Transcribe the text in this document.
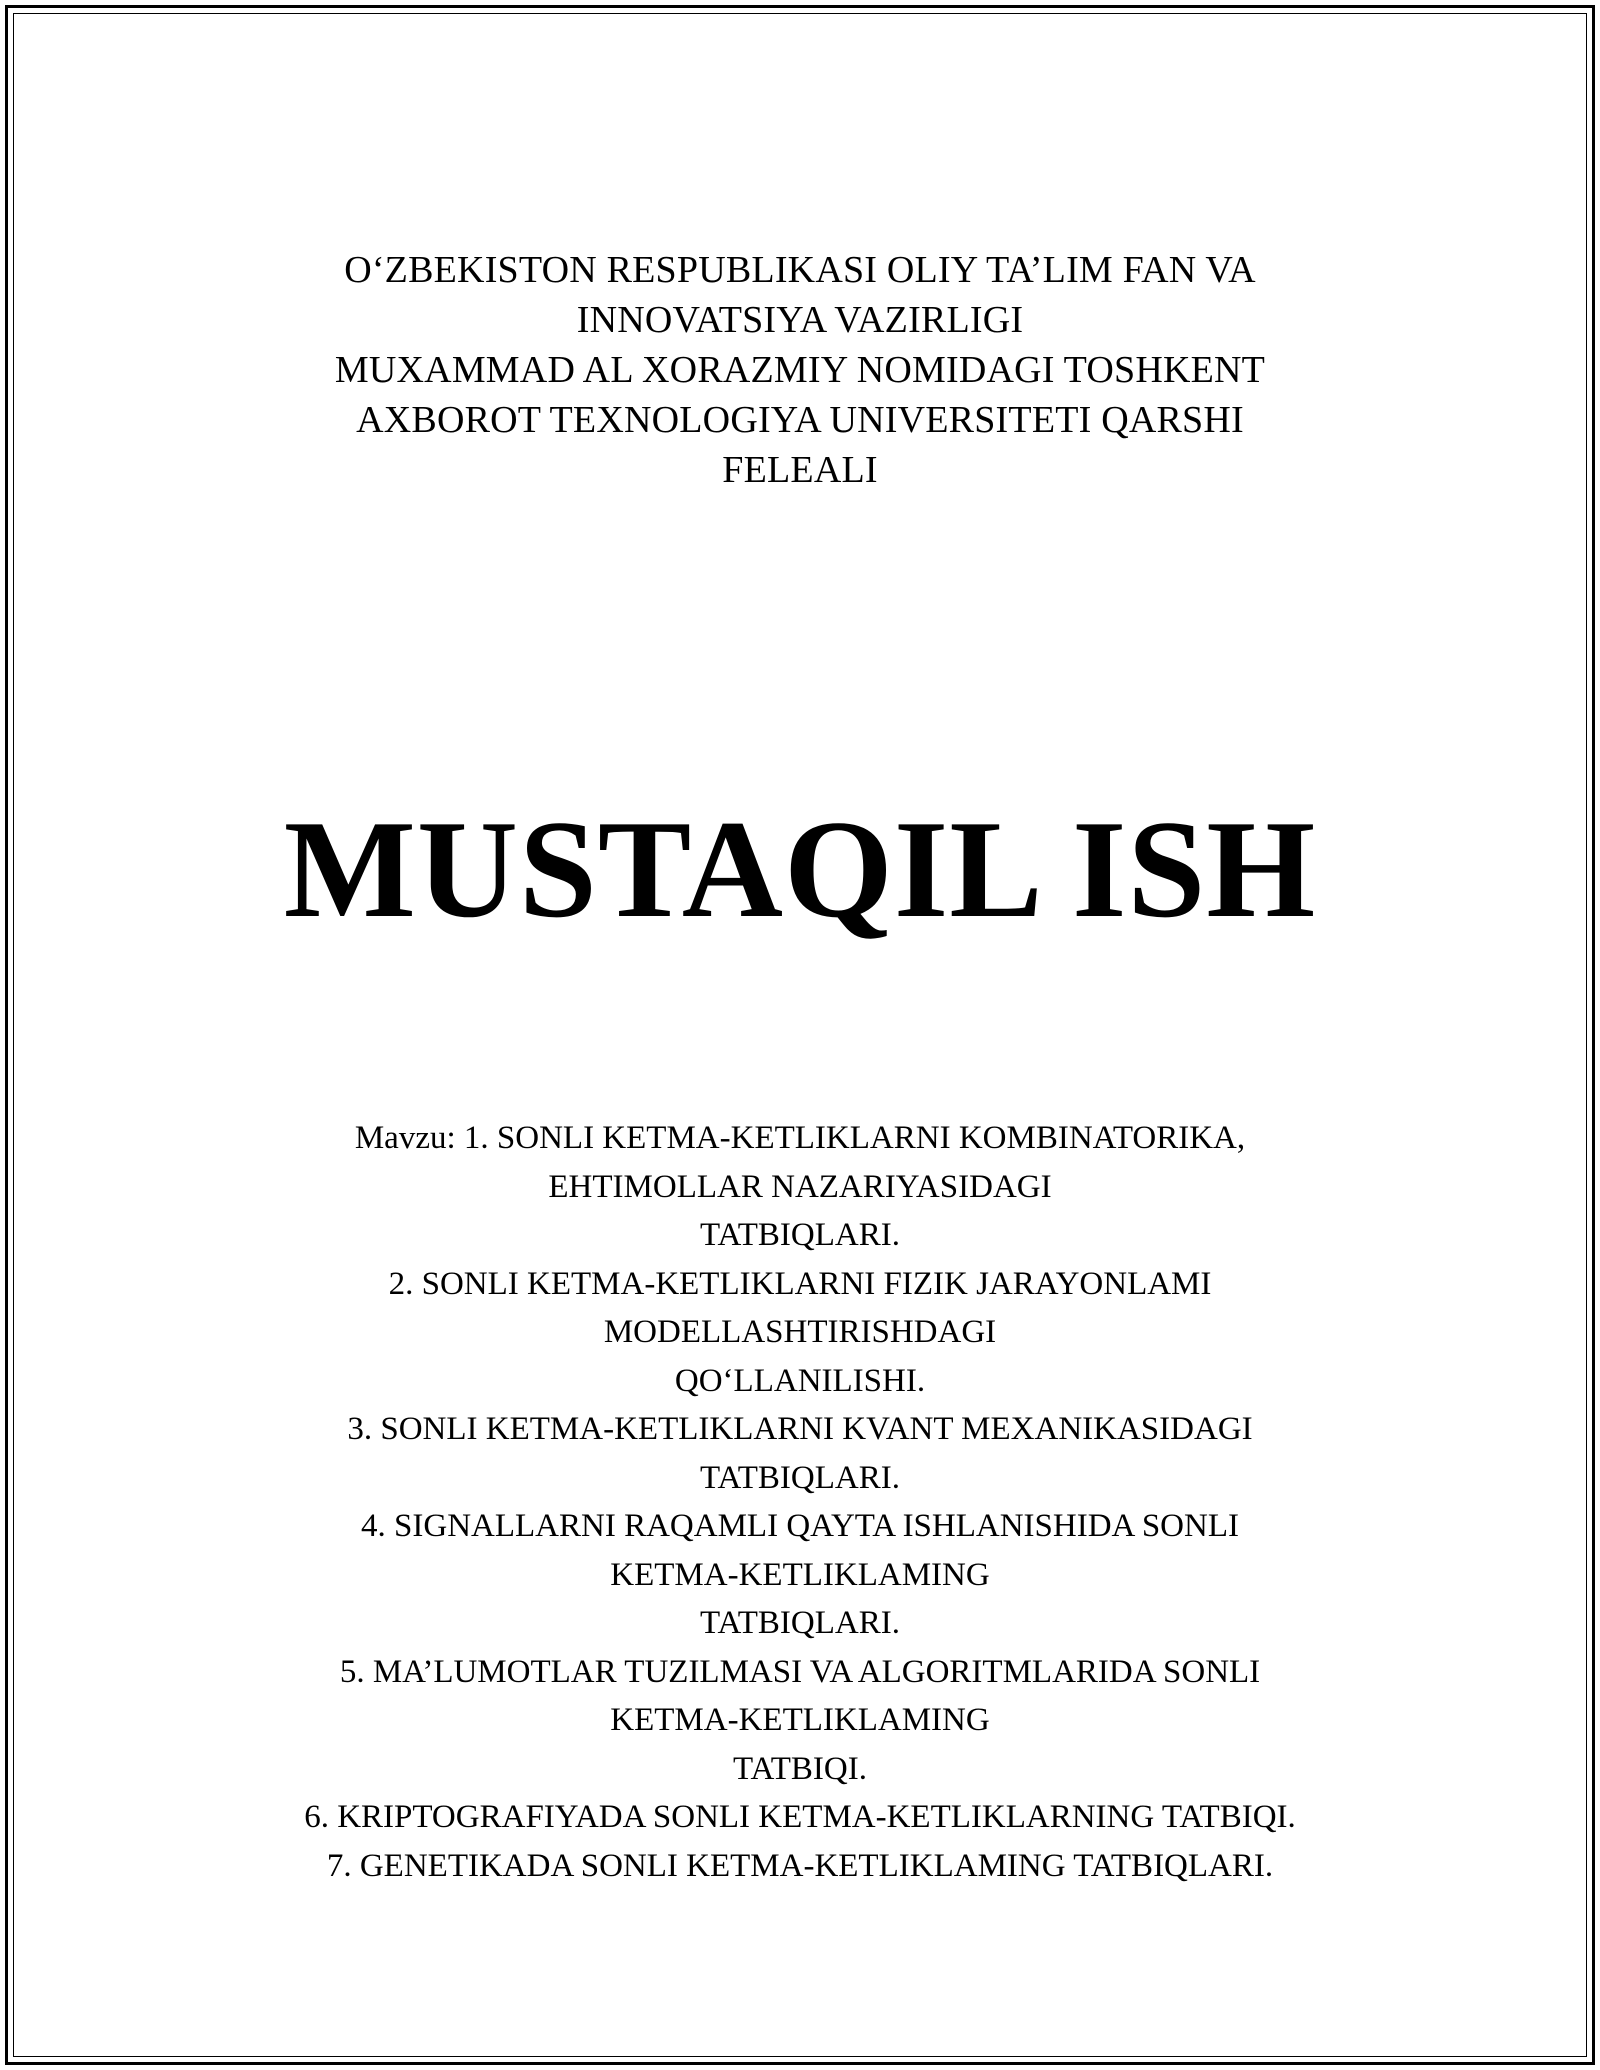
O‘ZBEKISTON RESPUBLIKASI OLIY TA’LIM FAN VA
INNOVATSIYA VAZIRLIGI
MUXAMMAD AL XORAZMIY NOMIDAGI TOSHKENT
AXBOROT TEXNOLOGIYA UNIVERSITETI QARSHI
FELEALI
MUSTAQIL ISH
Mavzu: 1. SONLI KETMA-KETLIKLARNI KOMBINATORIKA,
EHTIMOLLAR NAZARIYASIDAGI
TATBIQLARI.
2. SONLI KETMA-KETLIKLARNI FIZIK JARAYONLAMI
MODELLASHTIRISHDAGI
QO‘LLANILISHI.
3. SONLI KETMA-KETLIKLARNI KVANT MEXANIKASIDAGI
TATBIQLARI.
4. SIGNALLARNI RAQAMLI QAYTA ISHLANISHIDA SONLI
KETMA-KETLIKLAMING
TATBIQLARI.
5. MA’LUMOTLAR TUZILMASI VA ALGORITMLARIDA SONLI
KETMA-KETLIKLAMING
TATBIQI.
6. KRIPTOGRAFIYADA SONLI KETMA-KETLIKLARNING TATBIQI.
7. GENETIKADA SONLI KETMA-KETLIKLAMING TATBIQLARI.
